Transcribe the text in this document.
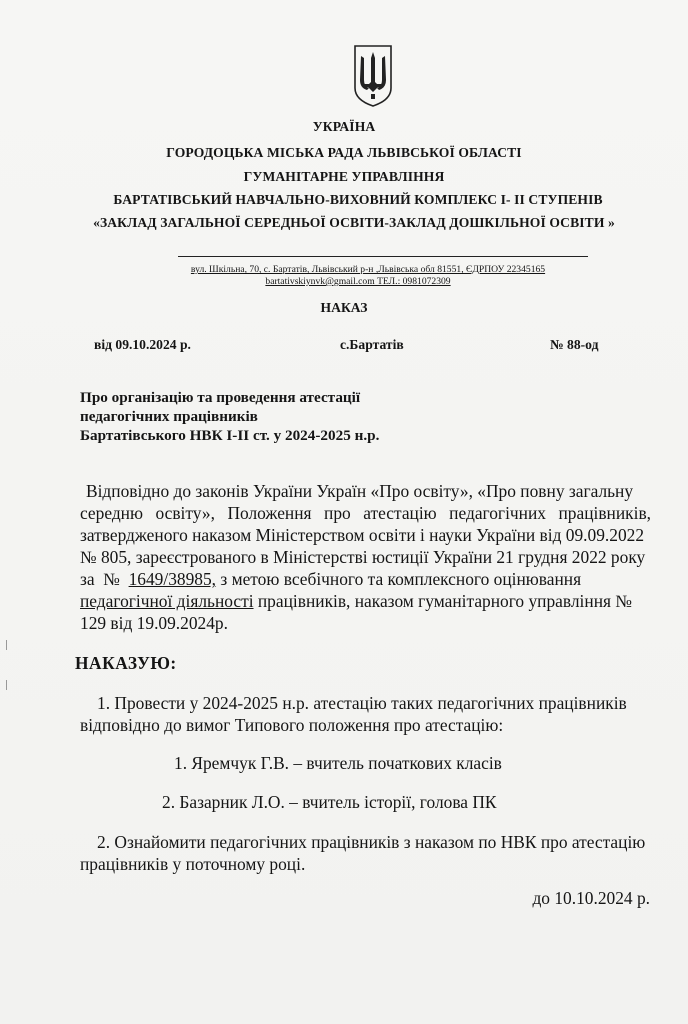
УКРАЇНА
ГОРОДОЦЬКА МІСЬКА РАДА ЛЬВІВСЬКОЇ ОБЛАСТІ
ГУМАНІТАРНЕ УПРАВЛІННЯ
БАРТАТІВСЬКИЙ НАВЧАЛЬНО-ВИХОВНИЙ КОМПЛЕКС І- ІІ СТУПЕНІВ
«ЗАКЛАД ЗАГАЛЬНОЇ СЕРЕДНЬОЇ ОСВІТИ-ЗАКЛАД ДОШКІЛЬНОЇ ОСВІТИ »
вул. Шкільна, 70, с. Бартатів, Львівський р-н ,Львівська обл 81551, ЄДРПОУ 22345165
bartativskiynvk@gmail.com ТЕЛ.: 0981072309
НАКАЗ
від 09.10.2024 р.	с.Бартатів	№ 88-од
Про організацію та проведення атестації
педагогічних працівників
Бартатівського НВК І-ІІ ст. у 2024-2025 н.р.
Відповідно до законів України Україн «Про освіту», «Про повну загальну
середню освіту», Положення про атестацію педагогічних працівників,
затвердженого наказом Міністерством освіти і науки України від 09.09.2022
№ 805, зареєстрованого в Міністерстві юстиції України 21 грудня 2022 року
за  №  1649/38985, з метою всебічного та комплексного оцінювання
педагогічної діяльності працівників, наказом гуманітарного управління №
129 від 19.09.2024р.
НАКАЗУЮ:
1. Провести у 2024-2025 н.р. атестацію таких педагогічних працівників
відповідно до вимог Типового положення про атестацію:
1. Яремчук Г.В. – вчитель початкових класів
2. Базарник Л.О. – вчитель історії, голова ПК
2. Ознайомити педагогічних працівників з наказом по НВК про атестацію
працівників у поточному році.
до 10.10.2024 р.
